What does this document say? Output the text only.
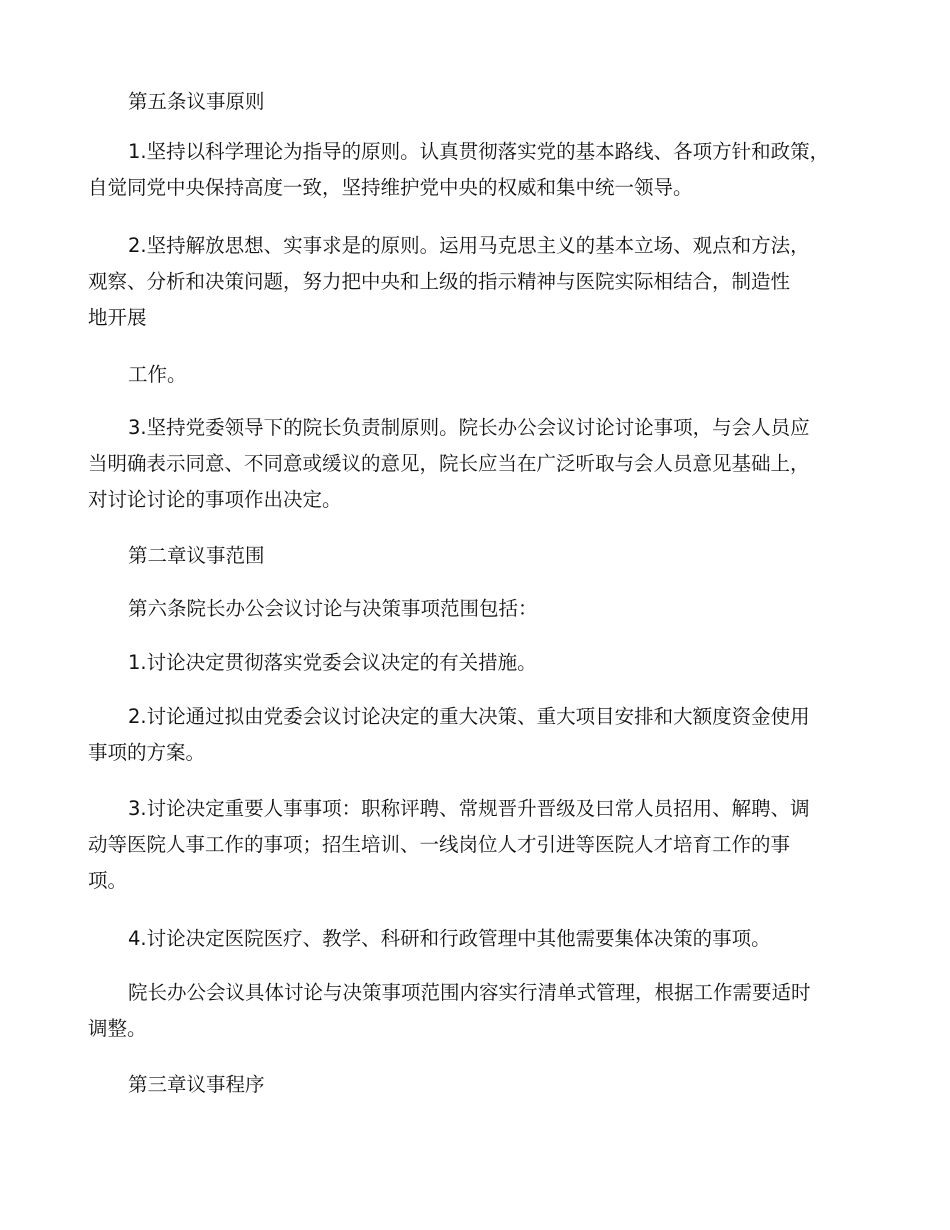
第五条议事原则

1.坚持以科学理论为指导的原则。认真贯彻落实党的基本路线、各项方针和政策，
自觉同党中央保持高度一致，坚持维护党中央的权威和集中统一领导。

2.坚持解放思想、实事求是的原则。运用马克思主义的基本立场、观点和方法，
观察、分析和决策问题，努力把中央和上级的指示精神与医院实际相结合，制造性
地开展

工作。

3.坚持党委领导下的院长负责制原则。院长办公会议讨论讨论事项，与会人员应
当明确表示同意、不同意或缓议的意见，院长应当在广泛听取与会人员意见基础上，
对讨论讨论的事项作出决定。

第二章议事范围

第六条院长办公会议讨论与决策事项范围包括：

1.讨论决定贯彻落实党委会议决定的有关措施。

2.讨论通过拟由党委会议讨论决定的重大决策、重大项目安排和大额度资金使用
事项的方案。

3.讨论决定重要人事事项：职称评聘、常规晋升晋级及曰常人员招用、解聘、调
动等医院人事工作的事项；招生培训、一线岗位人才引进等医院人才培育工作的事
项。

4.讨论决定医院医疗、教学、科研和行政管理中其他需要集体决策的事项。

院长办公会议具体讨论与决策事项范围内容实行清单式管理，根据工作需要适时
调整。

第三章议事程序
